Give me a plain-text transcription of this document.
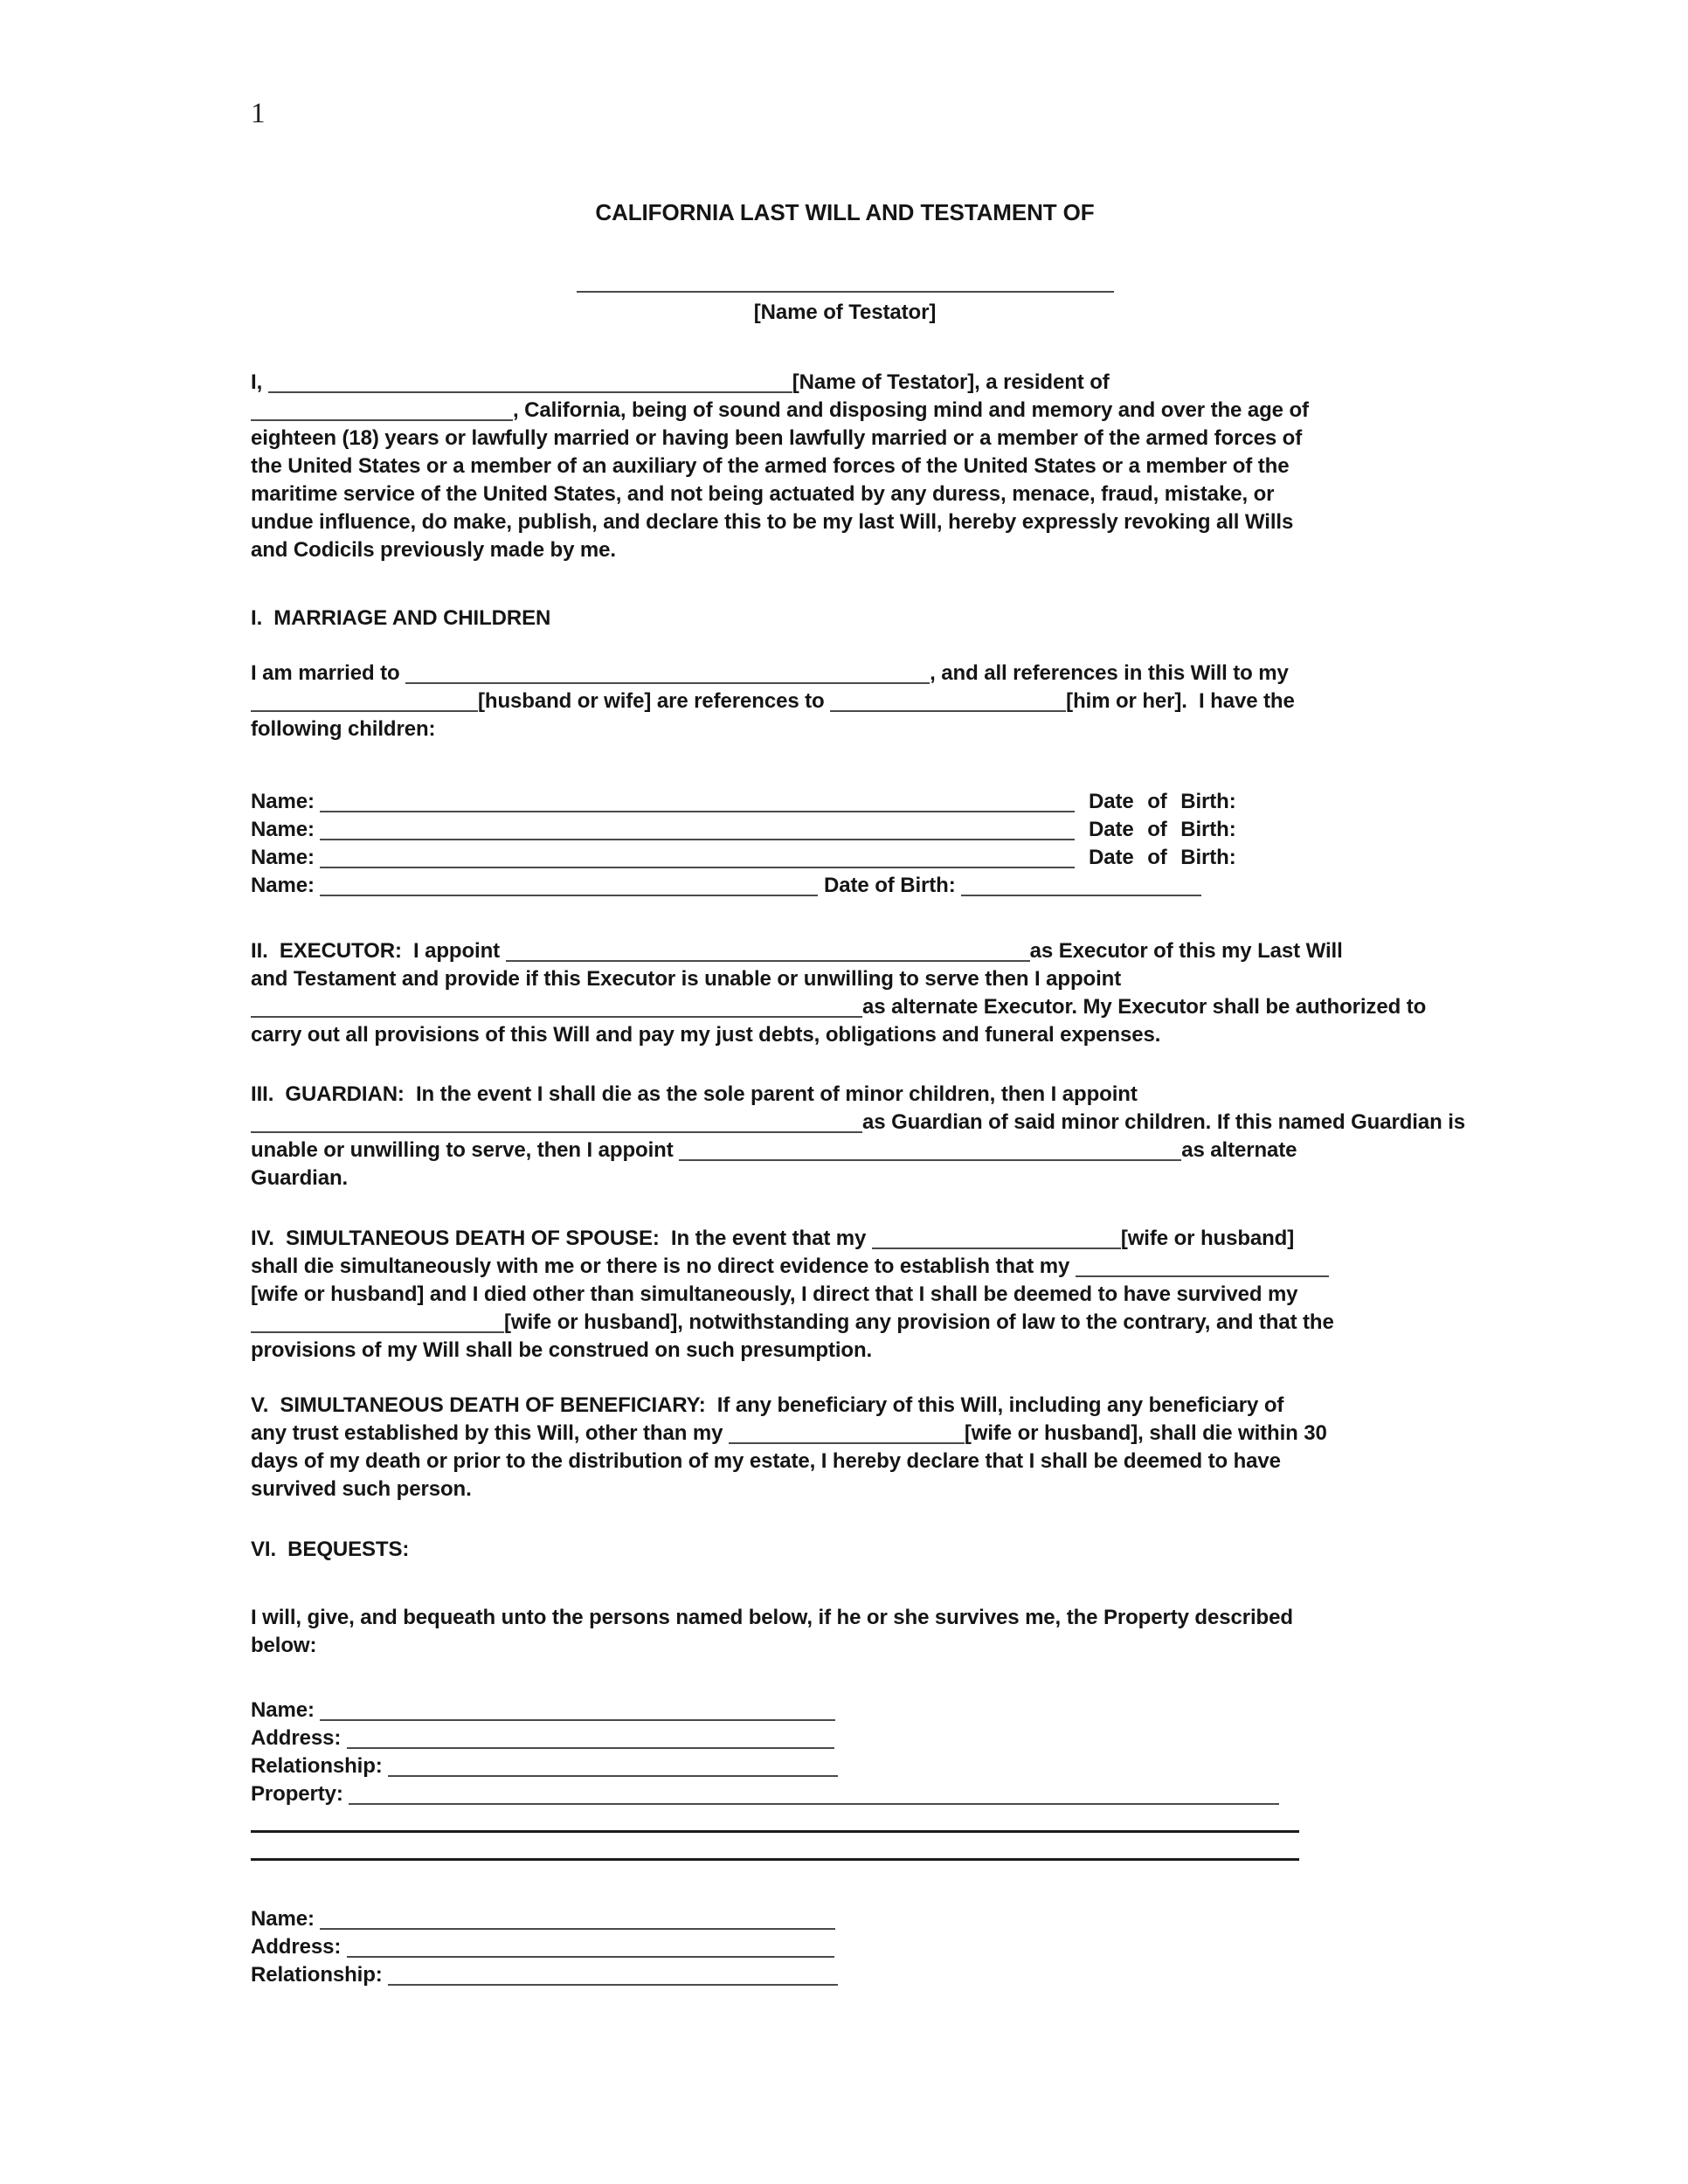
1
CALIFORNIA LAST WILL AND TESTAMENT OF
[Name of Testator]
I,	[Name of Testator], a resident of
, California, being of sound and disposing mind and memory and over the age of
eighteen (18) years or lawfully married or having been lawfully married or a member of the armed forces of
the United States or a member of an auxiliary of the armed forces of the United States or a member of the
maritime service of the United States, and not being actuated by any duress, menace, fraud, mistake, or
undue influence, do make, publish, and declare this to be my last Will, hereby expressly revoking all Wills
and Codicils previously made by me.
I.  MARRIAGE AND CHILDREN
I am married to	, and all references in this Will to my
[husband or wife] are references to	[him or her].  I have the
following children:
Name:	Date of Birth:
Name:	Date of Birth:
Name:	Date of Birth:
Name:	Date of Birth:
II.  EXECUTOR:  I appoint	as Executor of this my Last Will
and Testament and provide if this Executor is unable or unwilling to serve then I appoint
as alternate Executor. My Executor shall be authorized to
carry out all provisions of this Will and pay my just debts, obligations and funeral expenses.
III.  GUARDIAN:  In the event I shall die as the sole parent of minor children, then I appoint
as Guardian of said minor children. If this named Guardian is
unable or unwilling to serve, then I appoint	as alternate
Guardian.
IV.  SIMULTANEOUS DEATH OF SPOUSE:  In the event that my	[wife or husband]
shall die simultaneously with me or there is no direct evidence to establish that my
[wife or husband] and I died other than simultaneously, I direct that I shall be deemed to have survived my
[wife or husband], notwithstanding any provision of law to the contrary, and that the
provisions of my Will shall be construed on such presumption.
V.  SIMULTANEOUS DEATH OF BENEFICIARY:  If any beneficiary of this Will, including any beneficiary of
any trust established by this Will, other than my	[wife or husband], shall die within 30
days of my death or prior to the distribution of my estate, I hereby declare that I shall be deemed to have
survived such person.
VI.  BEQUESTS:
I will, give, and bequeath unto the persons named below, if he or she survives me, the Property described
below:
Name:
Address:
Relationship:
Property:
Name:
Address:
Relationship:
